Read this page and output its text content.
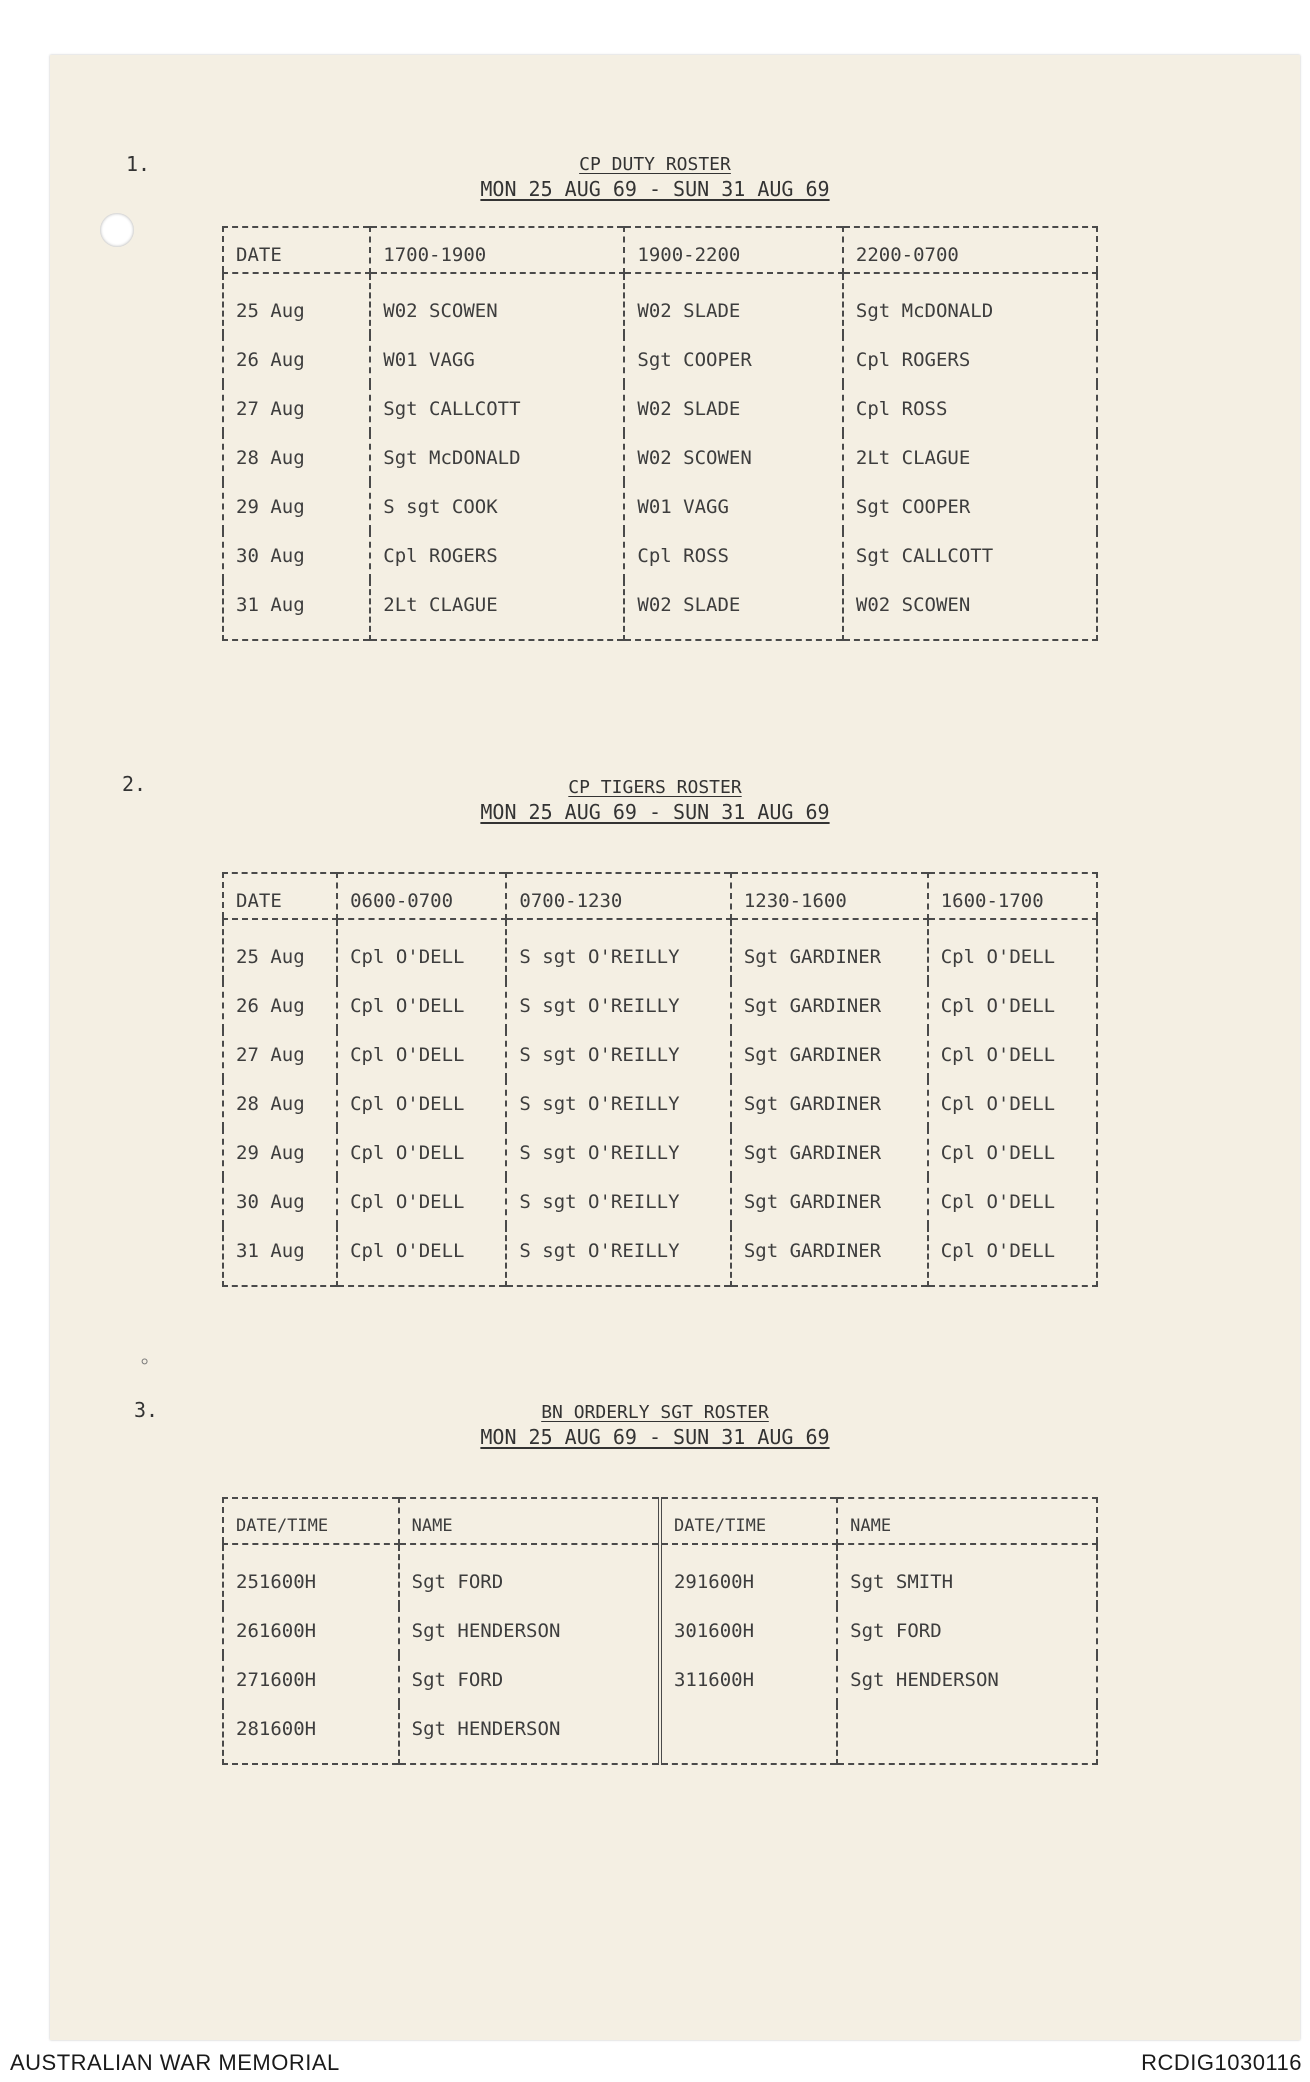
1.	CP DUTY ROSTER
MON 25 AUG 69 - SUN 31 AUG 69
DATE	1700-1900	1900-2200	2200-0700
25 Aug	W02 SCOWEN	W02 SLADE	Sgt McDONALD
26 Aug	W01 VAGG	Sgt COOPER	Cpl ROGERS
27 Aug	Sgt CALLCOTT	W02 SLADE	Cpl ROSS
28 Aug	Sgt McDONALD	W02 SCOWEN	2Lt CLAGUE
29 Aug	S sgt COOK	W01 VAGG	Sgt COOPER
30 Aug	Cpl ROGERS	Cpl ROSS	Sgt CALLCOTT
31 Aug	2Lt CLAGUE	W02 SLADE	W02 SCOWEN
2.	CP TIGERS ROSTER
MON 25 AUG 69 - SUN 31 AUG 69
DATE	0600-0700	0700-1230	1230-1600	1600-1700
25 Aug	Cpl O'DELL	S sgt O'REILLY	Sgt GARDINER	Cpl O'DELL
26 Aug	Cpl O'DELL	S sgt O'REILLY	Sgt GARDINER	Cpl O'DELL
27 Aug	Cpl O'DELL	S sgt O'REILLY	Sgt GARDINER	Cpl O'DELL
28 Aug	Cpl O'DELL	S sgt O'REILLY	Sgt GARDINER	Cpl O'DELL
29 Aug	Cpl O'DELL	S sgt O'REILLY	Sgt GARDINER	Cpl O'DELL
30 Aug	Cpl O'DELL	S sgt O'REILLY	Sgt GARDINER	Cpl O'DELL
31 Aug	Cpl O'DELL	S sgt O'REILLY	Sgt GARDINER	Cpl O'DELL
⸰
3.	BN ORDERLY SGT ROSTER
MON 25 AUG 69 - SUN 31 AUG 69
DATE/TIME	NAME	DATE/TIME	NAME
251600H	Sgt FORD	291600H	Sgt SMITH
261600H	Sgt HENDERSON	301600H	Sgt FORD
271600H	Sgt FORD	311600H	Sgt HENDERSON
281600H	Sgt HENDERSON		
AUSTRALIAN WAR MEMORIAL	RCDIG1030116
